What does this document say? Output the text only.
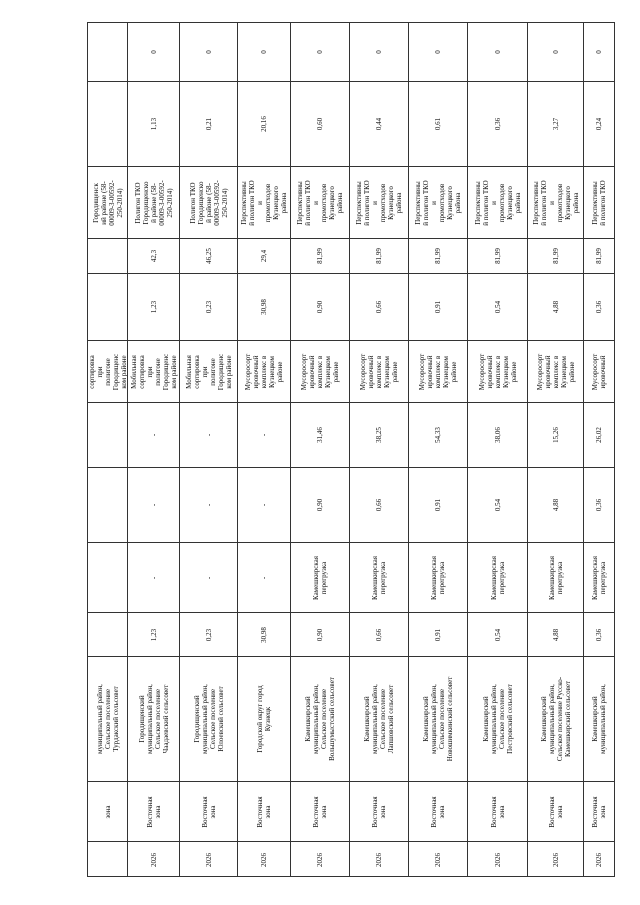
Городищенск
ий районе (58-
00009-З-00592-
250-2014)
сортировка
при
полигоне
Городищенс
ком районе
муниципальный район,
Сельское поселение
Турдакский сельсовет
зона
0
1,13
Полигон ТКО
Городищенско
й районе (58-
00009-З-00592-
250-2014)
42,3
1,23
Мобильная
сортировка
при
полигоне
Городищенс
ком районе
-
-
-
1,23
Городищенский
муниципальный район,
Сельское поселение
Чаадаевский сельсовет
Восточная
зона
2026
0
0,21
Полигон ТКО
Городищенско
й районе (58-
00009-З-00592-
250-2014)
46,25
0,23
Мобильная
сортировка
при
полигоне
Городищенс
ком районе
-
-
-
0,23
Городищенский
муниципальный район,
Сельское поселение
Юлоевский сельсовет
Восточная
зона
2026
0
20,16
Перспективны
й полигон ТКО
и
промотходов
Кузнецкого
района
29,4
30,98
Мусоросорт
ировочный
комплекс в
Кузнецком
районе
-
-
-
30,98
Городской округ город
Кузнецк
Восточная
зона
2026
0
0,60
Перспективны
й полигон ТКО
и
промотходов
Кузнецкого
района
81,99
0,90
Мусоросорт
ировочный
комплекс в
Кузнецком
районе
31,46
0,90
Камешкирская
перегрузка
0,90
Камешкирский
муниципальный район,
Сельское поселение
Вольшумыстский сельсовет
Восточная
зона
2026
0
0,44
Перспективны
й полигон ТКО
и
промотходов
Кузнецкого
района
81,99
0,66
Мусоросорт
ировочный
комплекс в
Кузнецком
районе
38,25
0,66
Камешкирская
перегрузка
0,66
Камешкирский
муниципальный район,
Сельское поселение
Лапшовский сельсовет
Восточная
зона
2026
0
0,61
Перспективны
й полигон ТКО
и
промотходов
Кузнецкого
района
81,99
0,91
Мусоросорт
ировочный
комплекс в
Кузнецком
районе
54,33
0,91
Камешкирская
перегрузка
0,91
Камешкирский
муниципальный район,
Сельское поселение
Новошимкинский сельсовет
Восточная
зона
2026
0
0,36
Перспективны
й полигон ТКО
и
промотходов
Кузнецкого
района
81,99
0,54
Мусоросорт
ировочный
комплекс в
Кузнецком
районе
38,06
0,54
Камешкирская
перегрузка
0,54
Камешкирский
муниципальный район,
Сельское поселение
Пестровский сельсовет
Восточная
зона
2026
0
3,27
Перспективны
й полигон ТКО
и
промотходов
Кузнецкого
района
81,99
4,88
Мусоросорт
ировочный
комплекс в
Кузнецком
районе
15,26
4,88
Камешкирская
перегрузка
4,88
Камешкирский
муниципальный район,
Сельское поселение Русско-
Камешкирский сельсовет
Восточная
зона
2026
0
0,24
Перспективны
й полигон ТКО
81,99
0,36
Мусоросорт
ировочный
26,02
0,36
Камешкирская
перегрузка
0,36
Камешкирский
муниципальный район,
Восточная
зона
2026
